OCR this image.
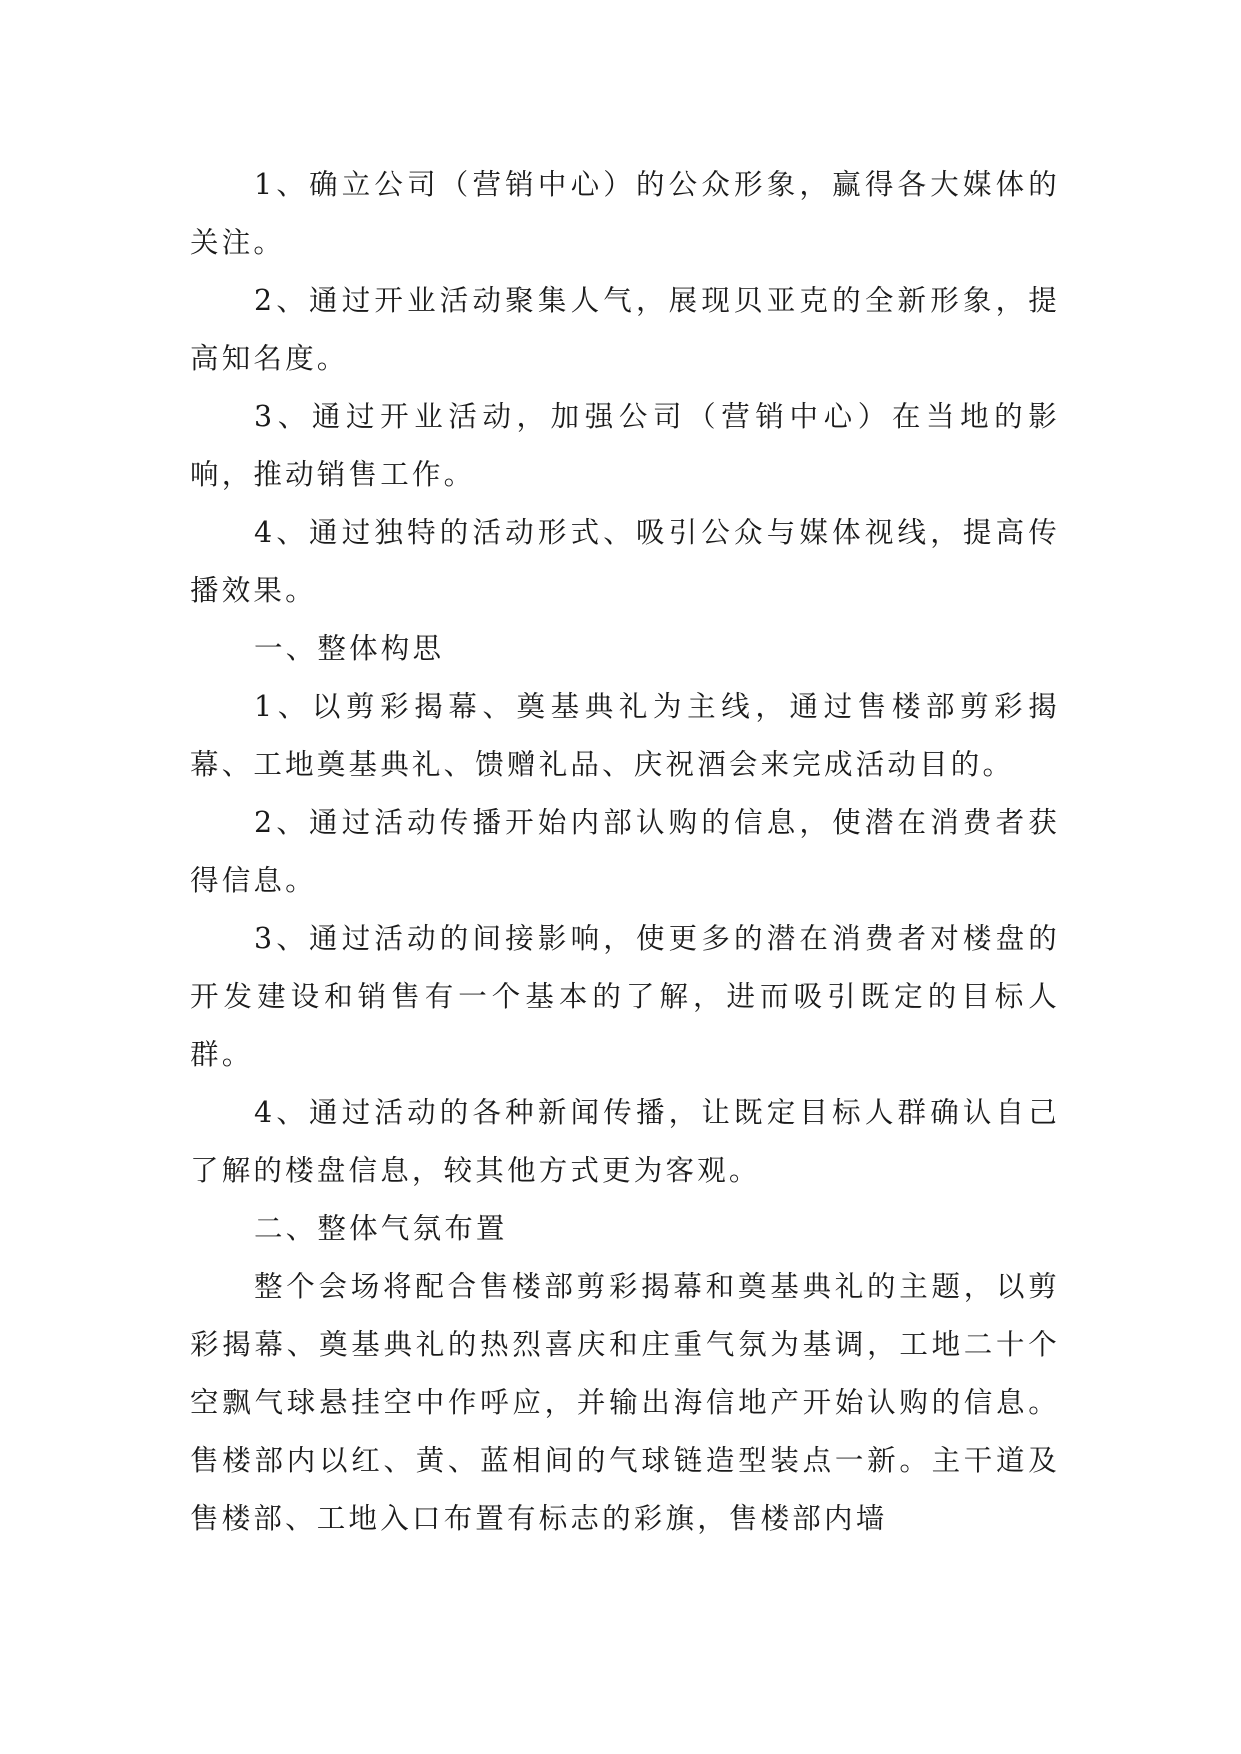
1、确立公司（营销中心）的公众形象，赢得各大媒体的关注。

2、通过开业活动聚集人气，展现贝亚克的全新形象，提高知名度。

3、通过开业活动，加强公司（营销中心）在当地的影响，推动销售工作。

4、通过独特的活动形式、吸引公众与媒体视线，提高传播效果。

一、整体构思

1、以剪彩揭幕、奠基典礼为主线，通过售楼部剪彩揭幕、工地奠基典礼、馈赠礼品、庆祝酒会来完成活动目的。

2、通过活动传播开始内部认购的信息，使潜在消费者获得信息。

3、通过活动的间接影响，使更多的潜在消费者对楼盘的开发建设和销售有一个基本的了解，进而吸引既定的目标人群。

4、通过活动的各种新闻传播，让既定目标人群确认自己了解的楼盘信息，较其他方式更为客观。

二、整体气氛布置

整个会场将配合售楼部剪彩揭幕和奠基典礼的主题，以剪彩揭幕、奠基典礼的热烈喜庆和庄重气氛为基调，工地二十个空飘气球悬挂空中作呼应，并输出海信地产开始认购的信息。售楼部内以红、黄、蓝相间的气球链造型装点一新。主干道及售楼部、工地入口布置有标志的彩旗，售楼部内墙
